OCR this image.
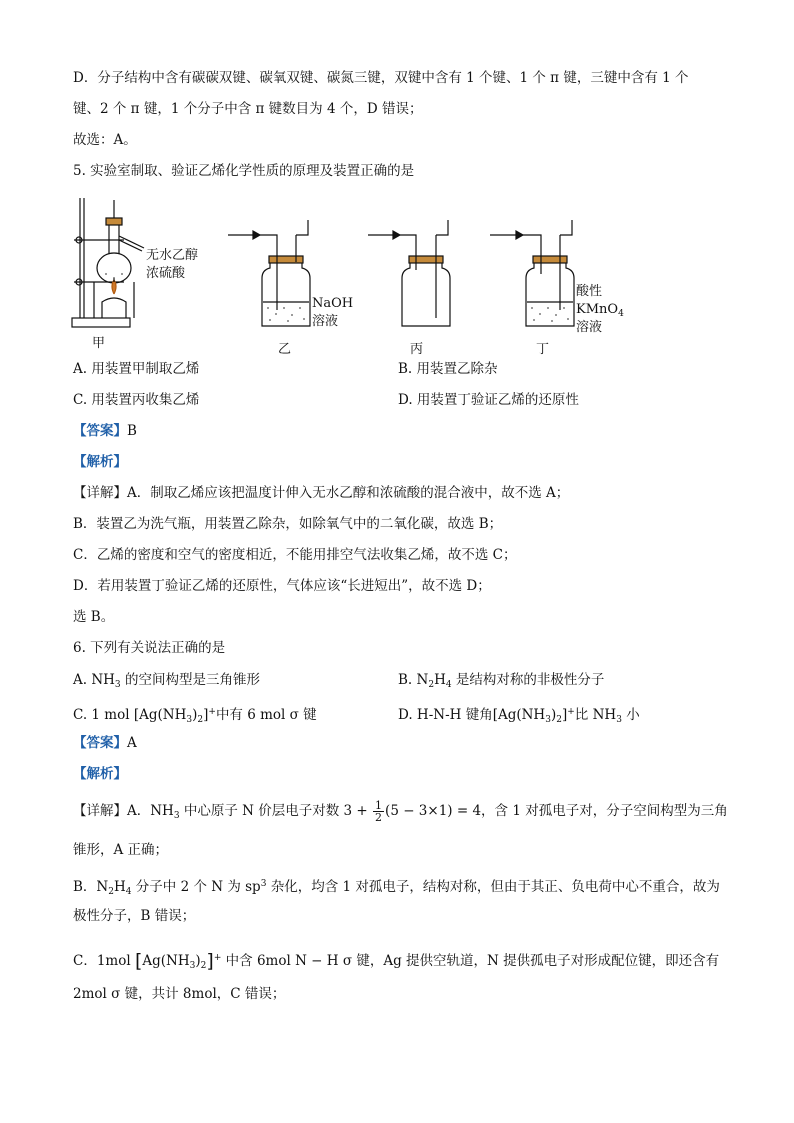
D．分子结构中含有碳碳双键、碳氧双键、碳氮三键，双键中含有 1 个键、1 个 π 键，三键中含有 1 个
键、2 个 π 键，1 个分子中含 π 键数目为 4 个，D 错误；
故选：A。
5. 实验室制取、验证乙烯化学性质的原理及装置正确的是
无水乙醇
浓硫酸
NaOH
溶液
酸性
KMnO$_4$
溶液
甲	乙	丙	丁
A. 用装置甲制取乙烯	B. 用装置乙除杂
C. 用装置丙收集乙烯	D. 用装置丁验证乙烯的还原性
【答案】B
【解析】
【详解】A．制取乙烯应该把温度计伸入无水乙醇和浓硫酸的混合液中，故不选 A；
B．装置乙为洗气瓶，用装置乙除杂，如除氧气中的二氧化碳，故选 B；
C．乙烯的密度和空气的密度相近，不能用排空气法收集乙烯，故不选 C；
D．若用装置丁验证乙烯的还原性，气体应该“长进短出”，故不选 D；
选 B。
6. 下列有关说法正确的是
A. $NH_3$ 的空间构型是三角锥形	B. $N_2H_4$ 是结构对称的非极性分子
C. 1 mol $[Ag(NH_3)_2]^+$中有 6 mol σ 键	D. H-N-H 键角$[Ag(NH_3)_2]^+$比 $NH_3$ 小
【答案】A
【解析】
【详解】A．$NH_3$ 中心原子 N 价层电子对数 $3 + \frac{1}{2} (5 - 3\times 1) = 4$，含 1 对孤电子对，分子空间构型为三角
锥形，A 正确；
B．$N_2H_4$ 分子中 2 个 N 为 $sp^3$ 杂化，均含 1 对孤电子，结构对称，但由于其正、负电荷中心不重合，故为
极性分子，B 错误；
C．1mol $[Ag(NH_3)_2]^+$ 中含 6mol N − H σ 键，Ag 提供空轨道，N 提供孤电子对形成配位键，即还含有
2mol σ 键，共计 8mol，C 错误；
